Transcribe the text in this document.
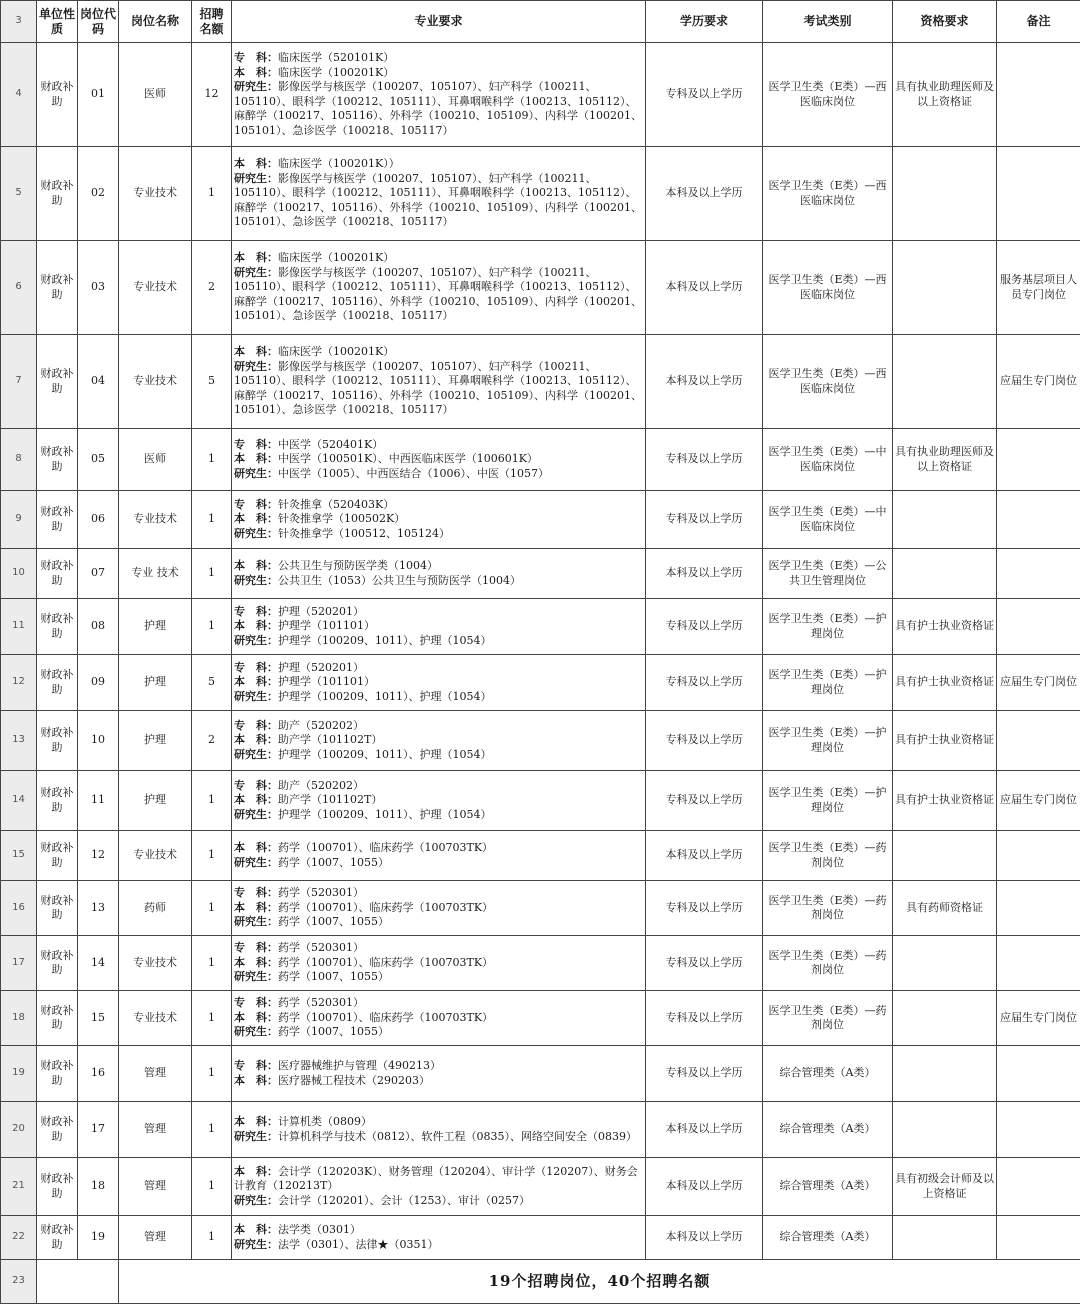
3	单位性质	岗位代码	岗位名称	招聘名额	专业要求	学历要求	考试类别	资格要求	备注
4	财政补助	01	医师	12	专　科：临床医学（520101K）
本　科：临床医学（100201K）
研究生：影像医学与核医学（100207、105107）、妇产科学（100211、105110）、眼科学（100212、105111）、耳鼻咽喉科学（100213、105112）、麻醉学（100217、105116）、外科学（100210、105109）、内科学（100201、105101）、急诊医学（100218、105117）	专科及以上学历	医学卫生类（E类）—西医临床岗位	具有执业助理医师及以上资格证	
5	财政补助	02	专业技术	1	本　科：临床医学（100201K））
研究生：影像医学与核医学（100207、105107）、妇产科学（100211、105110）、眼科学（100212、105111）、耳鼻咽喉科学（100213、105112）、麻醉学（100217、105116）、外科学（100210、105109）、内科学（100201、105101）、急诊医学（100218、105117）	本科及以上学历	医学卫生类（E类）—西医临床岗位		
6	财政补助	03	专业技术	2	本　科：临床医学（100201K）
研究生：影像医学与核医学（100207、105107）、妇产科学（100211、105110）、眼科学（100212、105111）、耳鼻咽喉科学（100213、105112）、麻醉学（100217、105116）、外科学（100210、105109）、内科学（100201、105101）、急诊医学（100218、105117）	本科及以上学历	医学卫生类（E类）—西医临床岗位		服务基层项目人员专门岗位
7	财政补助	04	专业技术	5	本　科：临床医学（100201K）
研究生：影像医学与核医学（100207、105107）、妇产科学（100211、105110）、眼科学（100212、105111）、耳鼻咽喉科学（100213、105112）、麻醉学（100217、105116）、外科学（100210、105109）、内科学（100201、105101）、急诊医学（100218、105117）	本科及以上学历	医学卫生类（E类）—西医临床岗位		应届生专门岗位
8	财政补助	05	医师	1	专　科：中医学（520401K）
本　科：中医学（100501K）、中西医临床医学（100601K）
研究生：中医学（1005）、中西医结合（1006）、中医（1057）	专科及以上学历	医学卫生类（E类）—中医临床岗位	具有执业助理医师及以上资格证	
9	财政补助	06	专业技术	1	专　科：针灸推拿（520403K）
本　科：针灸推拿学（100502K）
研究生：针灸推拿学（100512、105124）	专科及以上学历	医学卫生类（E类）—中医临床岗位		
10	财政补助	07	专业 技术	1	本　科：公共卫生与预防医学类（1004）
研究生：公共卫生（1053）公共卫生与预防医学（1004）	本科及以上学历	医学卫生类（E类）—公共卫生管理岗位		
11	财政补助	08	护理	1	专　科：护理（520201）
本　科：护理学（101101）
研究生：护理学（100209、1011）、护理（1054）	专科及以上学历	医学卫生类（E类）—护理岗位	具有护士执业资格证	
12	财政补助	09	护理	5	专　科：护理（520201）
本　科：护理学（101101）
研究生：护理学（100209、1011）、护理（1054）	专科及以上学历	医学卫生类（E类）—护理岗位	具有护士执业资格证	应届生专门岗位
13	财政补助	10	护理	2	专　科：助产（520202）
本　科：助产学（101102T）
研究生：护理学（100209、1011）、护理（1054）	专科及以上学历	医学卫生类（E类）—护理岗位	具有护士执业资格证	
14	财政补助	11	护理	1	专　科：助产（520202）
本　科：助产学（101102T）
研究生：护理学（100209、1011）、护理（1054）	专科及以上学历	医学卫生类（E类）—护理岗位	具有护士执业资格证	应届生专门岗位
15	财政补助	12	专业技术	1	本　科：药学（100701）、临床药学（100703TK）
研究生：药学（1007、1055）	本科及以上学历	医学卫生类（E类）—药剂岗位		
16	财政补助	13	药师	1	专　科：药学（520301）
本　科：药学（100701）、临床药学（100703TK）
研究生：药学（1007、1055）	专科及以上学历	医学卫生类（E类）—药剂岗位	具有药师资格证	
17	财政补助	14	专业技术	1	专　科：药学（520301）
本　科：药学（100701）、临床药学（100703TK）
研究生：药学（1007、1055）	专科及以上学历	医学卫生类（E类）—药剂岗位		
18	财政补助	15	专业技术	1	专　科：药学（520301）
本　科：药学（100701）、临床药学（100703TK）
研究生：药学（1007、1055）	专科及以上学历	医学卫生类（E类）—药剂岗位		应届生专门岗位
19	财政补助	16	管理	1	专　科：医疗器械维护与管理（490213）
本　科：医疗器械工程技术（290203）	专科及以上学历	综合管理类（A类）		
20	财政补助	17	管理	1	本　科：计算机类（0809）
研究生：计算机科学与技术（0812）、软件工程（0835）、网络空间安全（0839）	本科及以上学历	综合管理类（A类）		
21	财政补助	18	管理	1	本　科：会计学（120203K）、财务管理（120204）、审计学（120207）、财务会计教育（120213T）
研究生：会计学（120201）、会计（1253）、审计（0257）	本科及以上学历	综合管理类（A类）	具有初级会计师及以上资格证	
22	财政补助	19	管理	1	本　科：法学类（0301）
研究生：法学（0301）、法律★（0351）	本科及以上学历	综合管理类（A类）		
23			19个招聘岗位，40个招聘名额						
